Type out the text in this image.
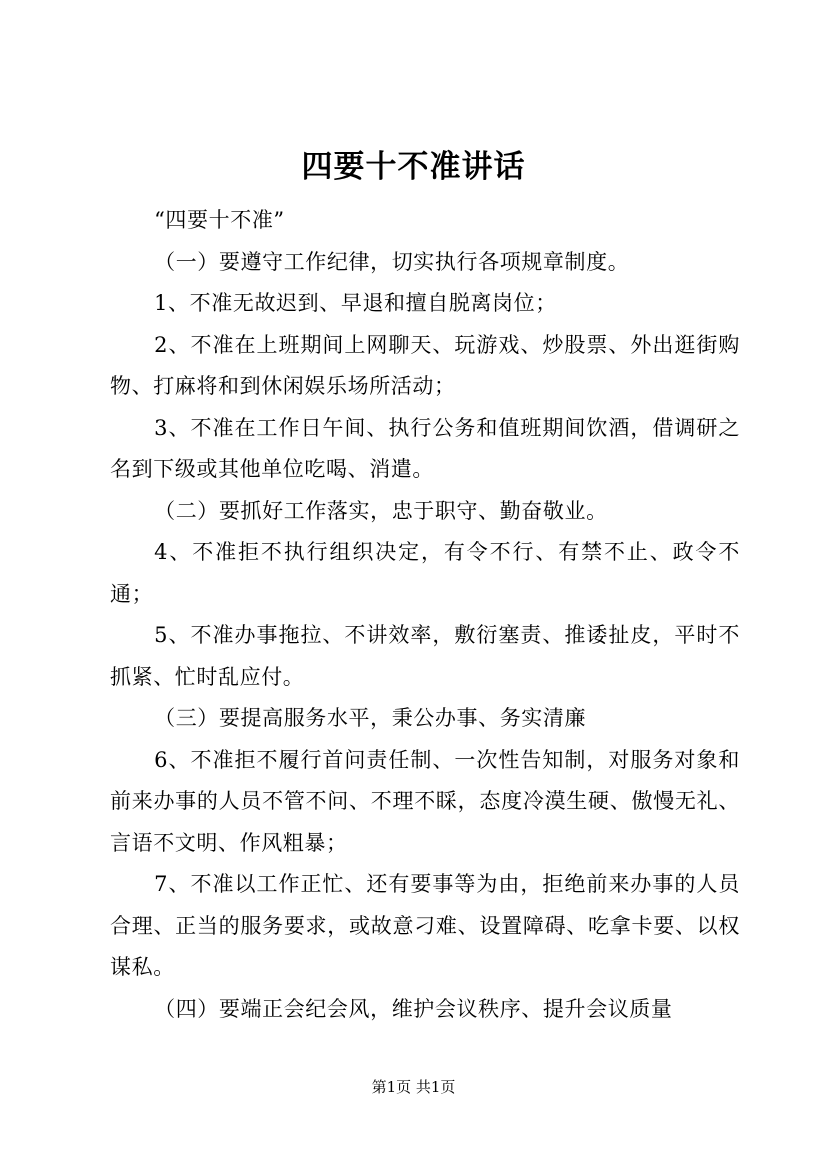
四要十不准讲话

“四要十不准”

（一）要遵守工作纪律，切实执行各项规章制度。

1、不准无故迟到、早退和擅自脱离岗位；

2、不准在上班期间上网聊天、玩游戏、炒股票、外出逛街购物、打麻将和到休闲娱乐场所活动；

3、不准在工作日午间、执行公务和值班期间饮酒，借调研之名到下级或其他单位吃喝、消遣。

（二）要抓好工作落实，忠于职守、勤奋敬业。

4、不准拒不执行组织决定，有令不行、有禁不止、政令不通；

5、不准办事拖拉、不讲效率，敷衍塞责、推诿扯皮，平时不抓紧、忙时乱应付。

（三）要提高服务水平，秉公办事、务实清廉

6、不准拒不履行首问责任制、一次性告知制，对服务对象和前来办事的人员不管不问、不理不睬，态度冷漠生硬、傲慢无礼、言语不文明、作风粗暴；

7、不准以工作正忙、还有要事等为由，拒绝前来办事的人员合理、正当的服务要求，或故意刁难、设置障碍、吃拿卡要、以权谋私。

（四）要端正会纪会风，维护会议秩序、提升会议质量

第1页 共1页
